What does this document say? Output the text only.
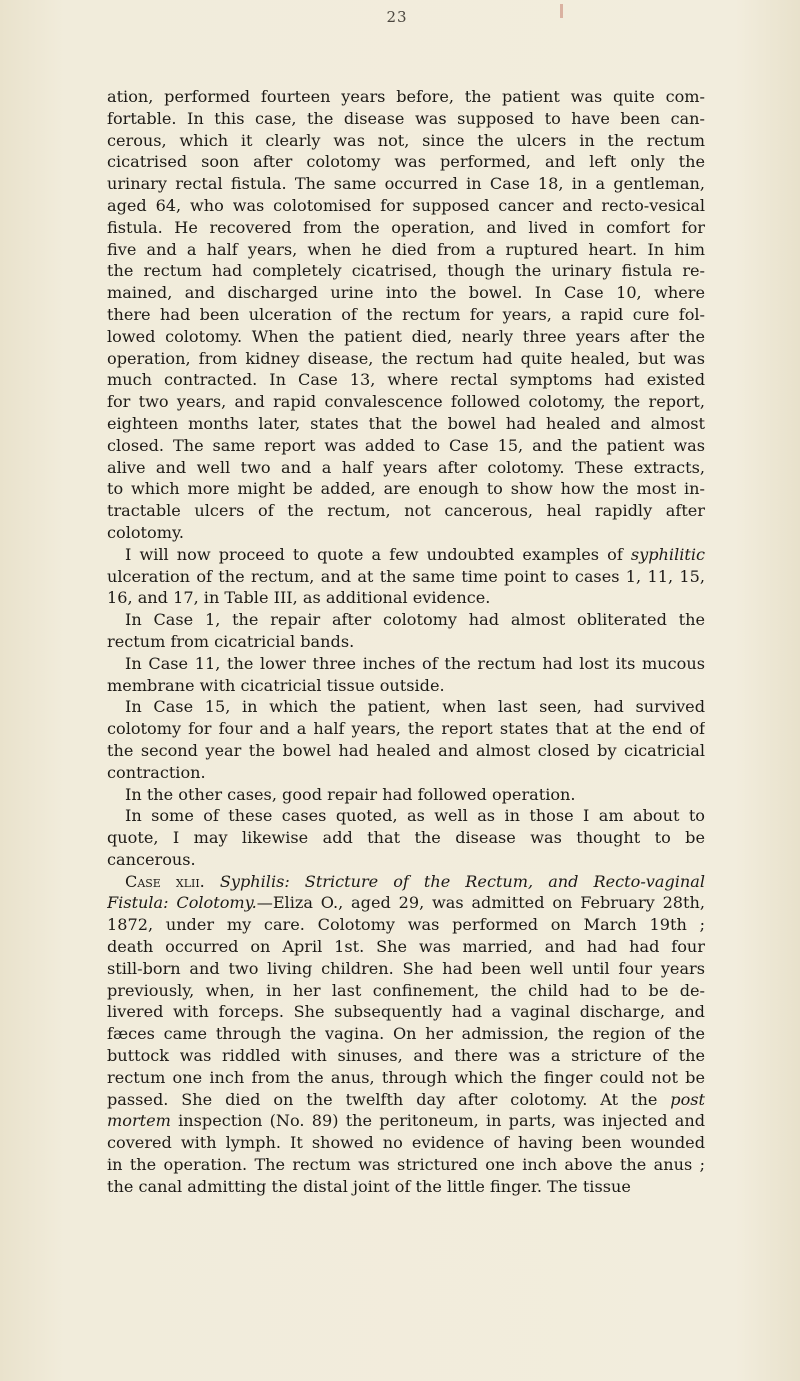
23
ation, performed fourteen years before, the patient was quite com-
fortable. In this case, the disease was supposed to have been can-
cerous, which it clearly was not, since the ulcers in the rectum
cicatrised soon after colotomy was performed, and left only the
urinary rectal fistula. The same occurred in Case 18, in a gentleman,
aged 64, who was colotomised for supposed cancer and recto-vesical
fistula. He recovered from the operation, and lived in comfort for
five and a half years, when he died from a ruptured heart. In him
the rectum had completely cicatrised, though the urinary fistula re-
mained, and discharged urine into the bowel. In Case 10, where
there had been ulceration of the rectum for years, a rapid cure fol-
lowed colotomy. When the patient died, nearly three years after the
operation, from kidney disease, the rectum had quite healed, but was
much contracted. In Case 13, where rectal symptoms had existed
for two years, and rapid convalescence followed colotomy, the report,
eighteen months later, states that the bowel had healed and almost
closed. The same report was added to Case 15, and the patient was
alive and well two and a half years after colotomy. These extracts,
to which more might be added, are enough to show how the most in-
tractable ulcers of the rectum, not cancerous, heal rapidly after
colotomy.
I will now proceed to quote a few undoubted examples of syphilitic
ulceration of the rectum, and at the same time point to cases 1, 11, 15,
16, and 17, in Table III, as additional evidence.
In Case 1, the repair after colotomy had almost obliterated the
rectum from cicatricial bands.
In Case 11, the lower three inches of the rectum had lost its mucous
membrane with cicatricial tissue outside.
In Case 15, in which the patient, when last seen, had survived
colotomy for four and a half years, the report states that at the end of
the second year the bowel had healed and almost closed by cicatricial
contraction.
In the other cases, good repair had followed operation.
In some of these cases quoted, as well as in those I am about to
quote, I may likewise add that the disease was thought to be
cancerous.
Case xlii. Syphilis: Stricture of the Rectum, and Recto-vaginal
Fistula: Colotomy.—Eliza O., aged 29, was admitted on February 28th,
1872, under my care. Colotomy was performed on March 19th ;
death occurred on April 1st. She was married, and had had four
still-born and two living children. She had been well until four years
previously, when, in her last confinement, the child had to be de-
livered with forceps. She subsequently had a vaginal discharge, and
fæces came through the vagina. On her admission, the region of the
buttock was riddled with sinuses, and there was a stricture of the
rectum one inch from the anus, through which the finger could not be
passed. She died on the twelfth day after colotomy. At the post
mortem inspection (No. 89) the peritoneum, in parts, was injected and
covered with lymph. It showed no evidence of having been wounded
in the operation. The rectum was strictured one inch above the anus ;
the canal admitting the distal joint of the little finger. The tissue
